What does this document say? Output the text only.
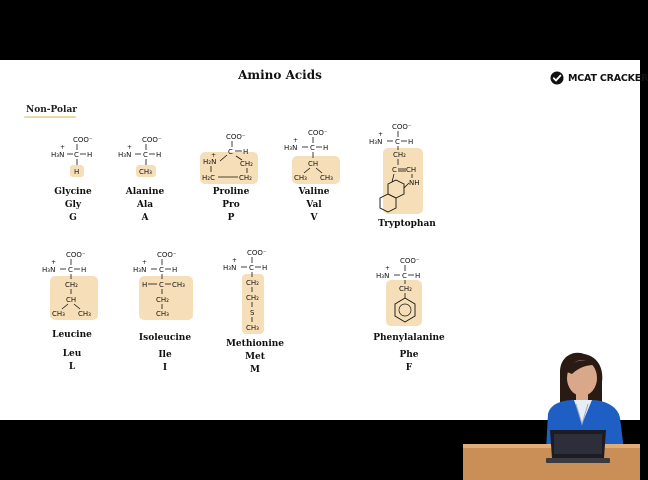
Amino Acids	MCAT CRACKER
Non-Polar
COO⁻
H₃N
+
C H
H
Glycine
Gly
G
COO⁻
H₃N
+
C H
CH₃
Alanine
Ala
A
COO⁻
C H
H₂N
+
CH₂
H₂C	CH₂
Proline
Pro
P
COO⁻
H₃N
+
C H
CH
CH₃ CH₃
Valine
Val
V
COO⁻
H₃N
+
C H
CH₂
C CH
NH
Tryptophan
COO⁻
H₃N
+
C H
CH₂
CH
CH₃ CH₃
Leucine
Leu
L
COO⁻
H₃N
+
C H
H C CH₃
CH₂
CH₃
Isoleucine
Ile
I
COO⁻
H₃N
+
C H
CH₂
CH₂
S
CH₃
Methionine
Met
M
COO⁻
H₃N
+
C H
CH₂
Phenylalanine
Phe
F
